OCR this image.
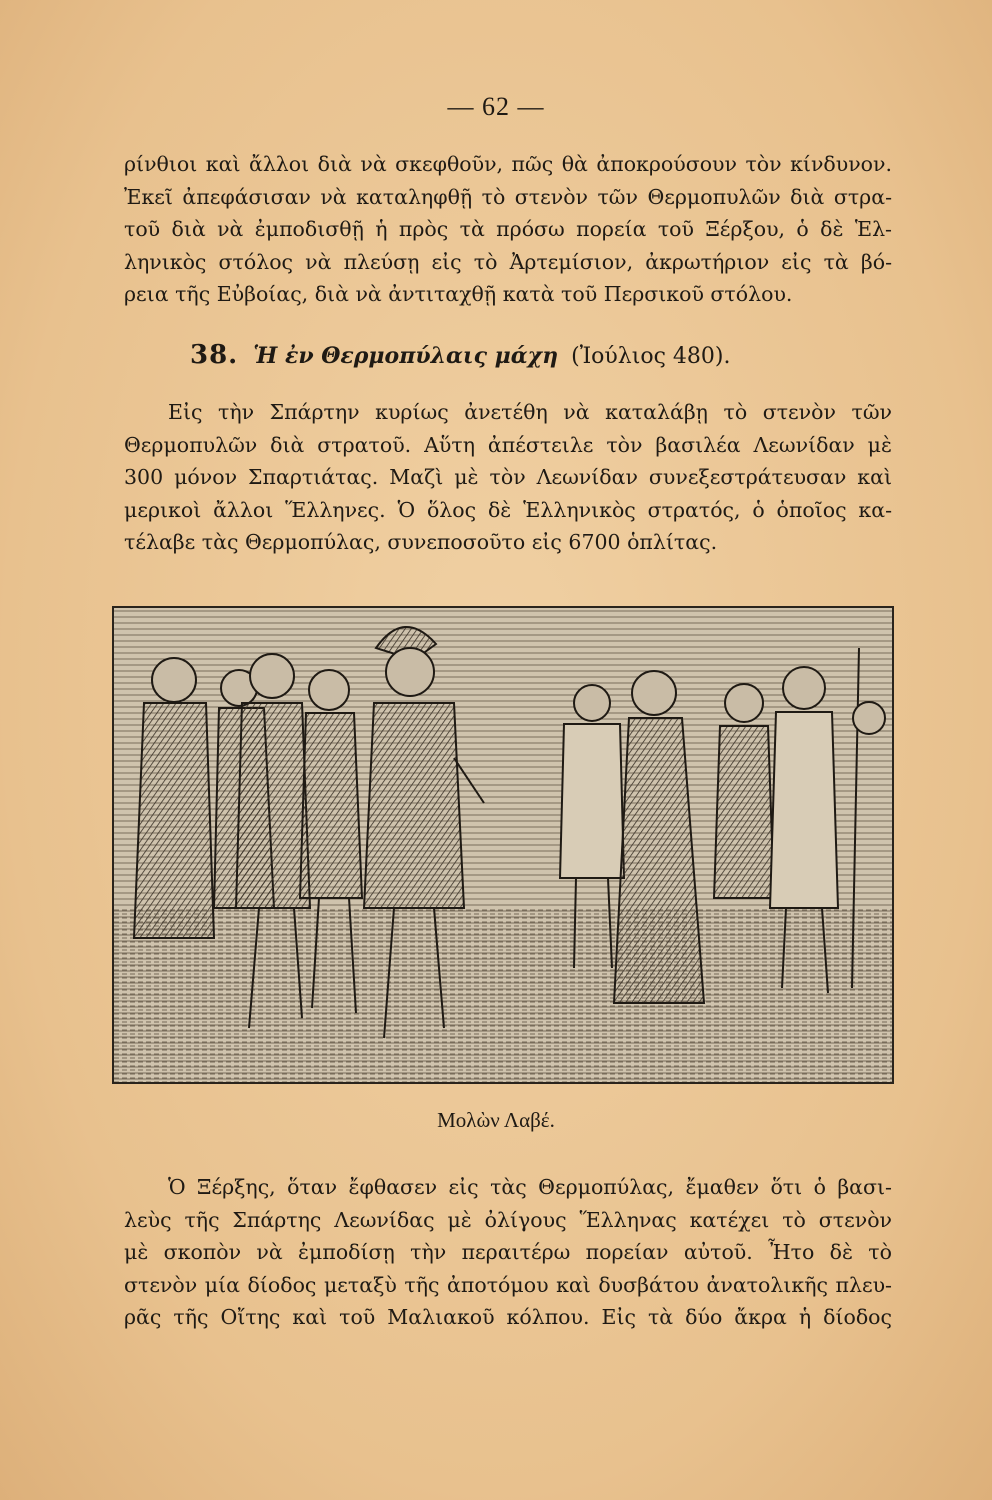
— 62 —
ρίνθιοι καὶ ἄλλοι διὰ νὰ σκεφθοῦν, πῶς θὰ ἀποκρούσουν τὸν κίνδυνον.
Ἐκεῖ ἀπεφάσισαν νὰ καταληφθῇ τὸ στενὸν τῶν Θερμοπυλῶν διὰ στρα-
τοῦ διὰ νὰ ἐμποδισθῇ ἡ πρὸς τὰ πρόσω πορεία τοῦ Ξέρξου, ὁ δὲ Ἑλ-
ληνικὸς στόλος νὰ πλεύσῃ εἰς τὸ Ἀρτεμίσιον, ἀκρωτήριον εἰς τὰ βό-
ρεια τῆς Εὐβοίας, διὰ νὰ ἀντιταχθῇ κατὰ τοῦ Περσικοῦ στόλου.
38. Ἡ ἐν Θερμοπύλαις μάχη (Ἰούλιος 480).
Εἰς τὴν Σπάρτην κυρίως ἀνετέθη νὰ καταλάβῃ τὸ στενὸν τῶν
Θερμοπυλῶν διὰ στρατοῦ. Αὕτη ἀπέστειλε τὸν βασιλέα Λεωνίδαν μὲ
300 μόνον Σπαρτιάτας. Μαζὶ μὲ τὸν Λεωνίδαν συνεξεστράτευσαν καὶ
μερικοὶ ἄλλοι Ἕλληνες. Ὁ ὅλος δὲ Ἑλληνικὸς στρατός, ὁ ὁποῖος κα-
τέλαβε τὰς Θερμοπύλας, συνεποσοῦτο εἰς 6700 ὁπλίτας.
Μολὼν Λαβέ.
Ὁ Ξέρξης, ὅταν ἔφθασεν εἰς τὰς Θερμοπύλας, ἔμαθεν ὅτι ὁ βασι-
λεὺς τῆς Σπάρτης Λεωνίδας μὲ ὀλίγους Ἕλληνας κατέχει τὸ στενὸν
μὲ σκοπὸν νὰ ἐμποδίσῃ τὴν περαιτέρω πορείαν αὐτοῦ. Ἦτο δὲ τὸ
στενὸν μία δίοδος μεταξὺ τῆς ἀποτόμου καὶ δυσβάτου ἀνατολικῆς πλευ-
ρᾶς τῆς Οἴτης καὶ τοῦ Μαλιακοῦ κόλπου. Εἰς τὰ δύο ἄκρα ἡ δίοδος
